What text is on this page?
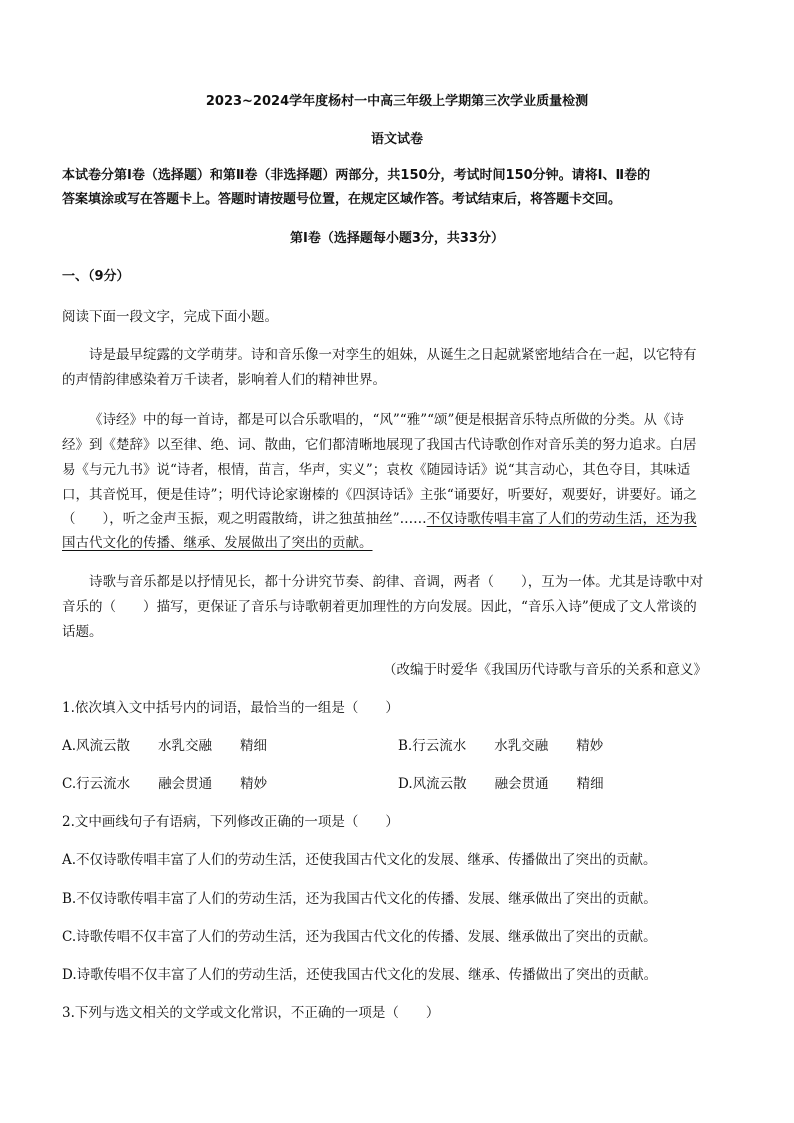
2023~2024学年度杨村一中高三年级上学期第三次学业质量检测
语文试卷
本试卷分第Ⅰ卷（选择题）和第Ⅱ卷（非选择题）两部分，共150分，考试时间150分钟。请将Ⅰ、Ⅱ卷的
答案填涂或写在答题卡上。答题时请按题号位置，在规定区域作答。考试结束后，将答题卡交回。
第Ⅰ卷（选择题每小题3分，共33分）
一、（9分）
阅读下面一段文字，完成下面小题。
诗是最早绽露的文学萌芽。诗和音乐像一对孪生的姐妹，从诞生之日起就紧密地结合在一起，以它特有
的声情韵律感染着万千读者，影响着人们的精神世界。
《诗经》中的每一首诗，都是可以合乐歌唱的，“风”“雅”“颂”便是根据音乐特点所做的分类。从《诗
经》到《楚辞》以至律、绝、词、散曲，它们都清晰地展现了我国古代诗歌创作对音乐美的努力追求。白居
易《与元九书》说“诗者，根情，苗言，华声，实义”；袁枚《随园诗话》说“其言动心，其色夺目，其味适
口，其音悦耳，便是佳诗”；明代诗论家谢榛的《四溟诗话》主张“诵要好，听要好，观要好，讲要好。诵之
（　　），听之金声玉振，观之明霞散绮，讲之独茧抽丝”……不仅诗歌传唱丰富了人们的劳动生活，还为我
国古代文化的传播、继承、发展做出了突出的贡献。
诗歌与音乐都是以抒情见长，都十分讲究节奏、韵律、音调，两者（　　），互为一体。尤其是诗歌中对
音乐的（　　）描写，更保证了音乐与诗歌朝着更加理性的方向发展。因此，“音乐入诗”便成了文人常谈的
话题。
（改编于时爱华《我国历代诗歌与音乐的关系和意义》
1.依次填入文中括号内的词语，最恰当的一组是（　　）
A.风流云散 水乳交融 精细	B.行云流水 水乳交融 精妙
C.行云流水 融会贯通 精妙	D.风流云散 融会贯通 精细
2.文中画线句子有语病，下列修改正确的一项是（　　）
A.不仅诗歌传唱丰富了人们的劳动生活，还使我国古代文化的发展、继承、传播做出了突出的贡献。
B.不仅诗歌传唱丰富了人们的劳动生活，还为我国古代文化的传播、发展、继承做出了突出的贡献。
C.诗歌传唱不仅丰富了人们的劳动生活，还为我国古代文化的传播、发展、继承做出了突出的贡献。
D.诗歌传唱不仅丰富了人们的劳动生活，还使我国古代文化的发展、继承、传播做出了突出的贡献。
3.下列与选文相关的文学或文化常识，不正确的一项是（　　）
